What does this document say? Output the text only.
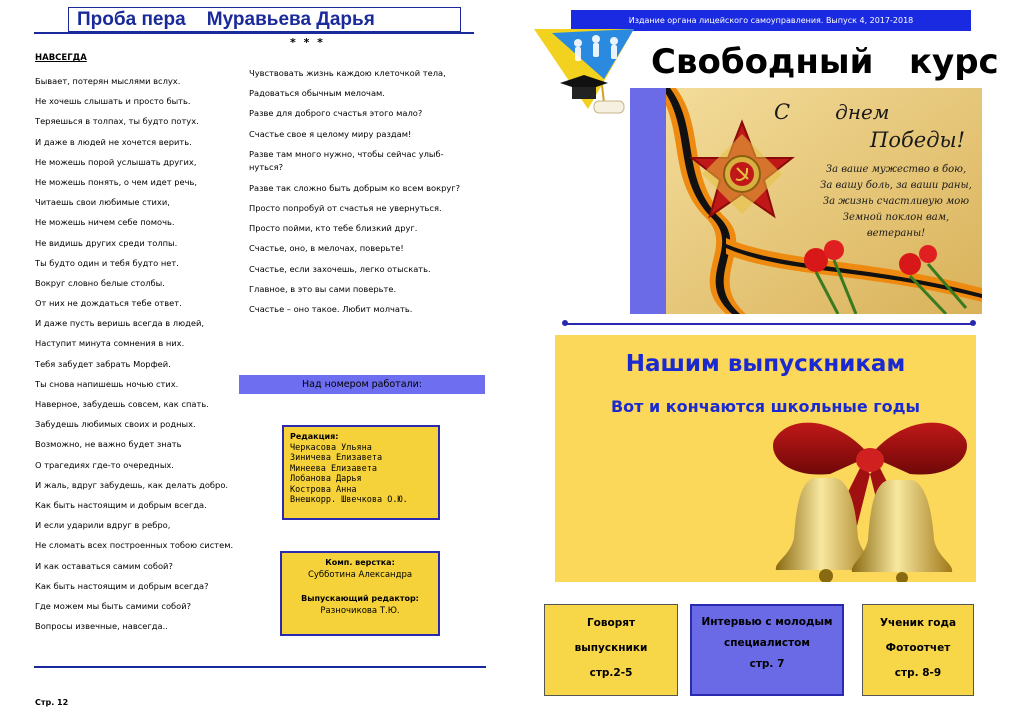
Проба пера    Муравьева Дарья
* * *
НАВСЕГДА
Бывает, потерян мыслями вслух.
Не хочешь слышать и просто быть.
Теряешься в толпах, ты будто потух.
И даже в людей не хочется верить.
Не можешь порой услышать других,
Не можешь понять, о чем идет речь,
Читаешь свои любимые стихи,
Не можешь ничем себе помочь.
Не видишь других среди толпы.
Ты будто один и тебя будто нет.
Вокруг словно белые столбы.
От них не дождаться тебе ответ.
И даже пусть веришь всегда в людей,
Наступит минута сомнения в них.
Тебя забудет забрать Морфей.
Ты снова напишешь ночью стих.
Наверное, забудешь совсем, как спать.
Забудешь любимых своих и родных.
Возможно, не важно будет знать
О трагедиях где-то очередных.
И жаль, вдруг забудешь, как делать добро.
Как быть настоящим и добрым всегда.
И если ударили вдруг в ребро,
Не сломать всех построенных тобою систем.
И как оставаться самим собой?
Как быть настоящим и добрым всегда?
Где можем мы быть самими собой?
Вопросы извечные, навсегда..
Чувствовать жизнь каждою клеточкой тела,
Радоваться обычным мелочам.
Разве для доброго счастья этого мало?
Счастье свое я целому миру раздам!
Разве там много нужно, чтобы сейчас улыб- нуться?
Разве так сложно быть добрым ко всем вокруг?
Просто попробуй от счастья не увернуться.
Просто пойми, кто тебе близкий друг.
Счастье, оно, в мелочах, поверьте!
Счастье, если захочешь, легко отыскать.
Главное, в это вы сами поверьте.
Счастье – оно такое. Любит молчать.
Над номером работали:
Редакция:
Черкасова Ульяна
Зиничева Елизавета
Минеева Елизавета
Лобанова Дарья
Кострова Анна
Внешкорр. Швечкова О.Ю.
Комп. верстка:
Субботина Александра
Выпускающий редактор:
Разночикова Т.Ю.
Стр. 12
Издание органа лицейского самоуправления. Выпуск 4, 2017-2018
Свободный   курс
С днем
Победы!
За ваше мужество в бою,
За вашу боль, за ваши раны,
За жизнь счастливую мою
Земной поклон вам,
ветераны!
Нашим выпускникам
Вот и кончаются школьные годы
Говорят
выпускники
стр.2-5
Интервью с молодым
специалистом
стр. 7
Ученик года
Фотоотчет
стр. 8-9
